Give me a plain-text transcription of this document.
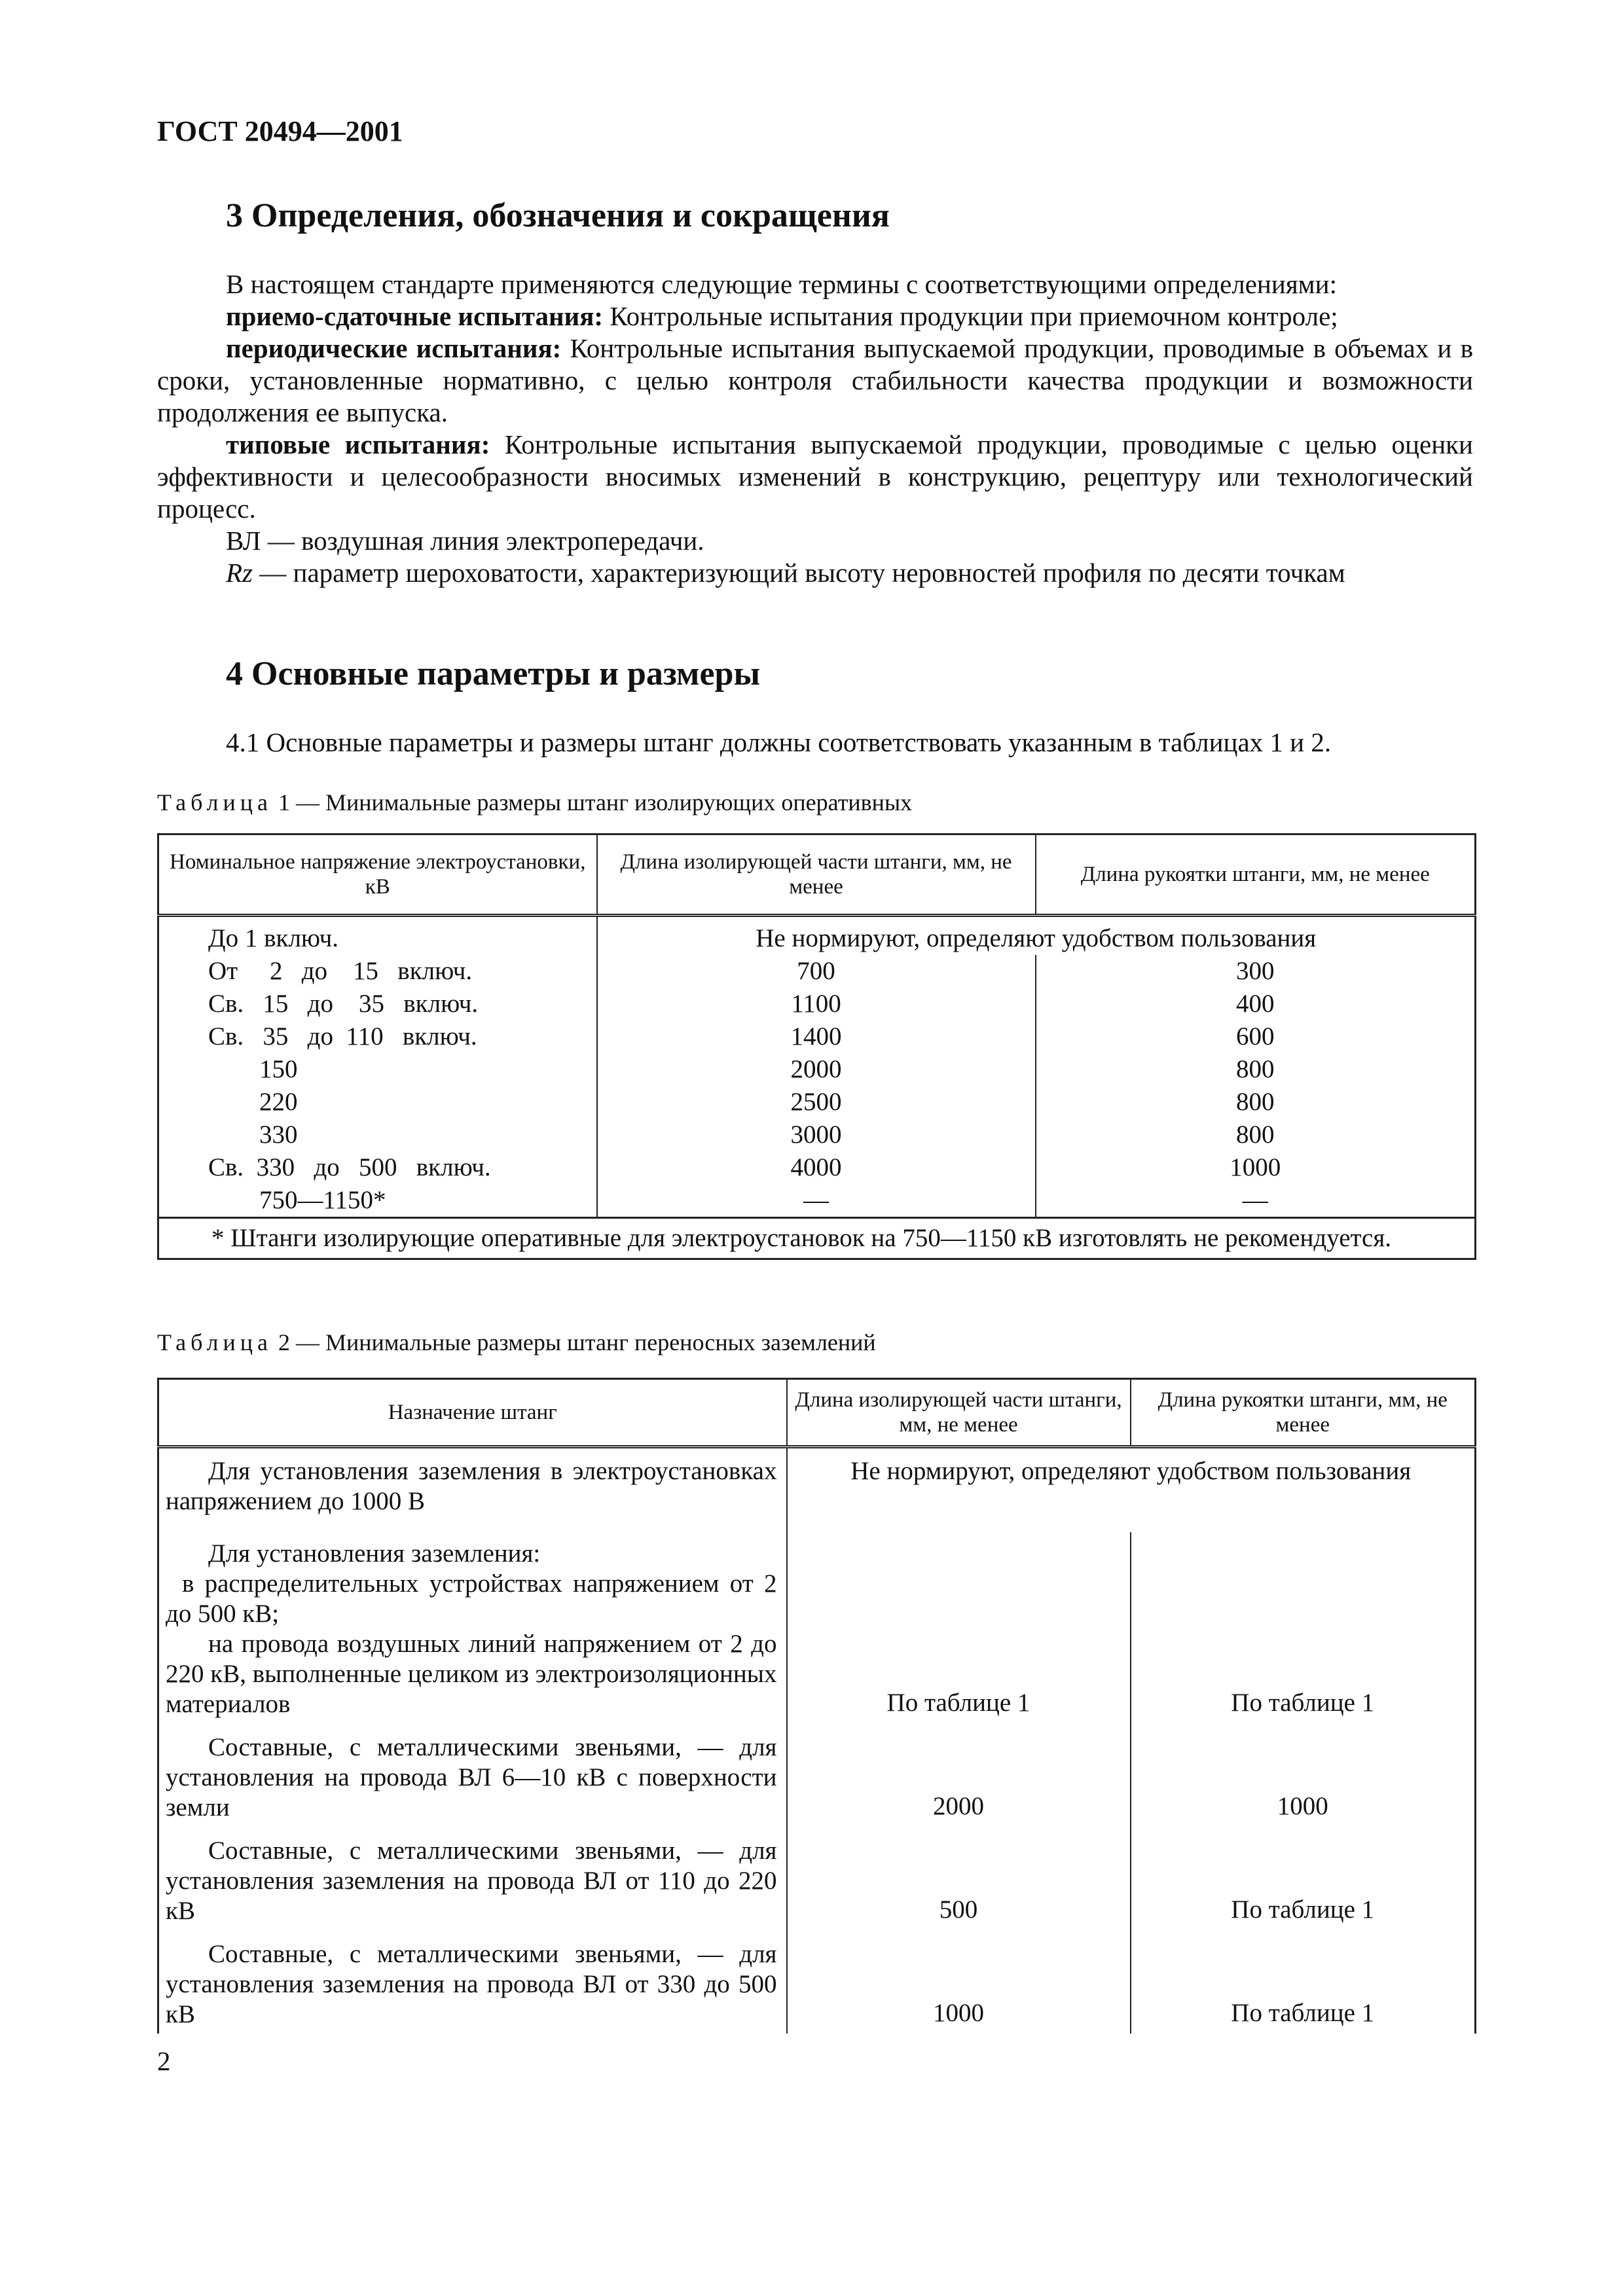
ГОСТ 20494—2001
3 Определения, обозначения и сокращения

В настоящем стандарте применяются следующие термины с соответствующими определениями:

приемо-сдаточные испытания: Контрольные испытания продукции при приемочном контроле;

периодические испытания: Контрольные испытания выпускаемой продукции, проводимые в объемах и в сроки, установленные нормативно, с целью контроля стабильности качества продукции и возможности продолжения ее выпуска.

типовые испытания: Контрольные испытания выпускаемой продукции, проводимые с целью оценки эффективности и целесообразности вносимых изменений в конструкцию, рецептуру или технологический процесс.

ВЛ — воздушная линия электропередачи.

Rz — параметр шероховатости, характеризующий высоту неровностей профиля по десяти точкам

4 Основные параметры и размеры

4.1 Основные параметры и размеры штанг должны соответствовать указанным в таблицах 1 и 2.

Таблица 1 — Минимальные размеры штанг изолирующих оперативных
Номинальное напряжение электроустановки, кВ	Длина изолирующей части штанги, мм, не менее	Длина рукоятки штанги, мм, не менее
До 1 включ.	Не нормируют, определяют удобством пользования	
От     2   до    15   включ.	700	300
Св.   15   до    35   включ.	1100	400
Св.   35   до  110   включ.	1400	600
150	2000	800
220	2500	800
330	3000	800
Св.  330   до   500   включ.	4000	1000
750—1150*	—	—

* Штанги изолирующие оперативные для электроустановок на 750—1150 кВ изготовлять не рекомендуется.		
Таблица 2 — Минимальные размеры штанг переносных заземлений
Назначение штанг	Длина изолирующей части штанги, мм, не менее	Длина рукоятки штанги, мм, не менее

Для установления заземления в электроустановках напряжением до 1000 В	Не нормируют, определяют удобством пользования	

Для установления заземления:
в распределительных устройствах напряжением от 2 до 500 кВ;
на провода воздушных линий напряжением от 2 до 220 кВ, выполненные целиком из электроизоляционных материалов	По таблице 1	По таблице 1

Составные, с металлическими звеньями, — для установления на провода ВЛ 6—10 кВ с поверхности земли	2000	1000

Составные, с металлическими звеньями, — для установления заземления на провода ВЛ от 110 до 220 кВ	500	По таблице 1

Составные, с металлическими звеньями, — для установления заземления на провода ВЛ от 330 до 500 кВ	1000	По таблице 1
2
